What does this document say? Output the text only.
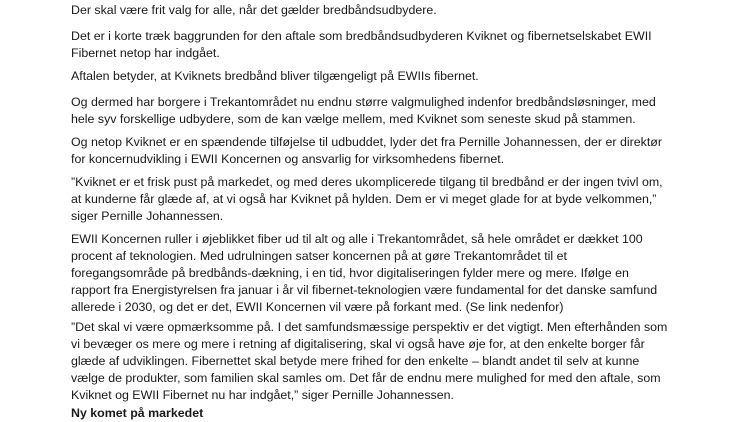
Der skal være frit valg for alle, når det gælder bredbåndsudbydere.

Det er i korte træk baggrunden for den aftale som bredbåndsudbyderen Kviknet og fibernetselskabet EWII
Fibernet netop har indgået.

Aftalen betyder, at Kviknets bredbånd bliver tilgængeligt på EWIIs fibernet.

Og dermed har borgere i Trekantområdet nu endnu større valgmulighed indenfor bredbåndsløsninger, med
hele syv forskellige udbydere, som de kan vælge mellem, med Kviknet som seneste skud på stammen.

Og netop Kviknet er en spændende tilføjelse til udbuddet, lyder det fra Pernille Johannessen, der er direktør
for koncernudvikling i EWII Koncernen og ansvarlig for virksomhedens fibernet.

”Kviknet er et frisk pust på markedet, og med deres ukomplicerede tilgang til bredbånd er der ingen tvivl om,
at kunderne får glæde af, at vi også har Kviknet på hylden. Dem er vi meget glade for at byde velkommen,”
siger Pernille Johannessen.

EWII Koncernen ruller i øjeblikket fiber ud til alt og alle i Trekantområdet, så hele området er dækket 100
procent af teknologien. Med udrulningen satser koncernen på at gøre Trekantområdet til et
foregangsområde på bredbånds-dækning, i en tid, hvor digitaliseringen fylder mere og mere. Ifølge en
rapport fra Energistyrelsen fra januar i år vil fibernet-teknologien være fundamental for det danske samfund
allerede i 2030, og det er det, EWII Koncernen vil være på forkant med. (Se link nedenfor)

”Det skal vi være opmærksomme på. I det samfundsmæssige perspektiv er det vigtigt. Men efterhånden som
vi bevæger os mere og mere i retning af digitalisering, skal vi også have øje for, at den enkelte borger får
glæde af udviklingen. Fibernettet skal betyde mere frihed for den enkelte – blandt andet til selv at kunne
vælge de produkter, som familien skal samles om. Det får de endnu mere mulighed for med den aftale, som
Kviknet og EWII Fibernet nu har indgået,” siger Pernille Johannessen.

Ny komet på markedet
